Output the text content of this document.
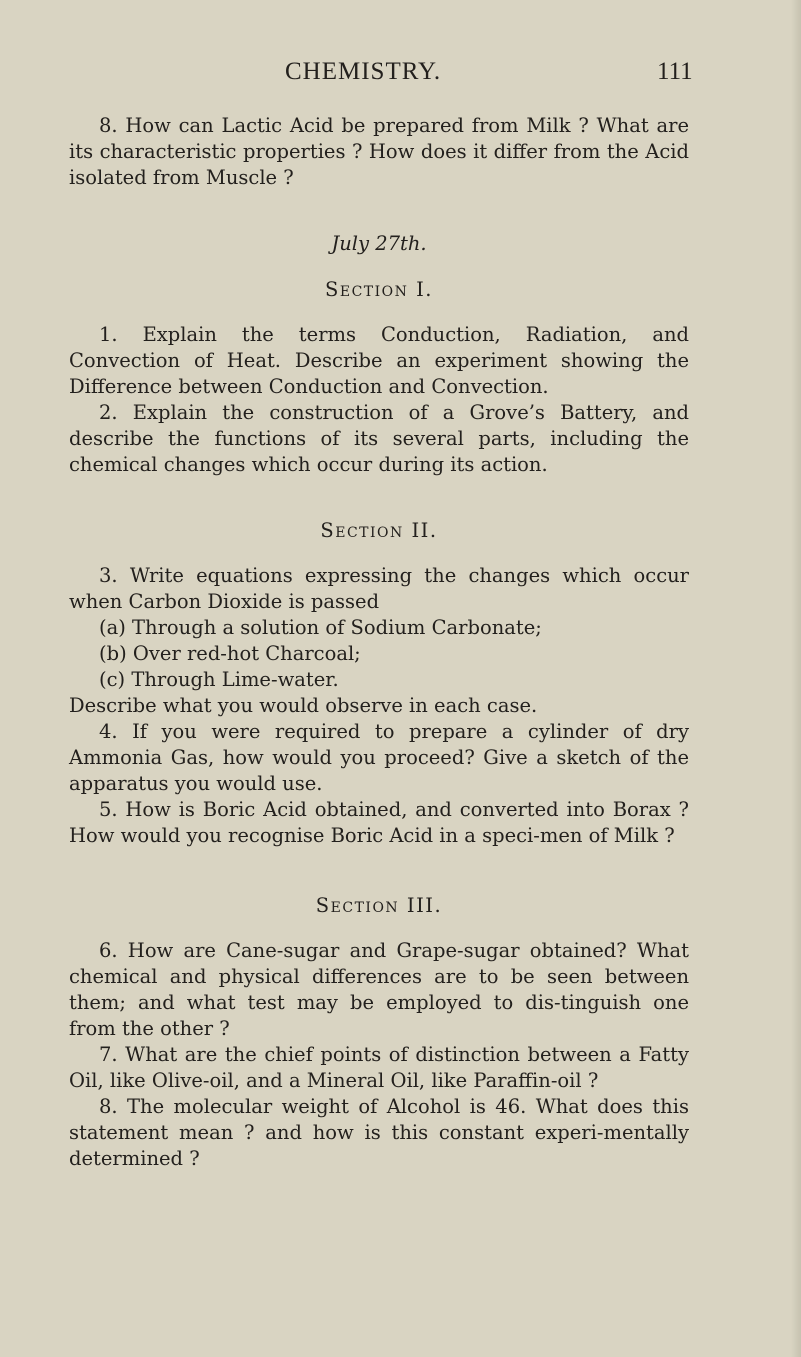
CHEMISTRY.	111

8. How can Lactic Acid be prepared from Milk ? What are its characteristic properties ? How does it differ from the Acid isolated from Muscle ?

July 27th.

Section I.

1. Explain the terms Conduction, Radiation, and Convection of Heat. Describe an experiment showing the Difference between Conduction and Convection.

2. Explain the construction of a Grove’s Battery, and describe the functions of its several parts, including the chemical changes which occur during its action.

Section II.

3. Write equations expressing the changes which occur when Carbon Dioxide is passed

(a) Through a solution of Sodium Carbonate;

(b) Over red-hot Charcoal;

(c) Through Lime-water.

Describe what you would observe in each case.

4. If you were required to prepare a cylinder of dry Ammonia Gas, how would you proceed? Give a sketch of the apparatus you would use.

5. How is Boric Acid obtained, and converted into Borax ? How would you recognise Boric Acid in a speci-men of Milk ?

Section III.

6. How are Cane-sugar and Grape-sugar obtained? What chemical and physical differences are to be seen between them; and what test may be employed to dis-tinguish one from the other ?

7. What are the chief points of distinction between a Fatty Oil, like Olive-oil, and a Mineral Oil, like Paraffin-oil ?

8. The molecular weight of Alcohol is 46. What does this statement mean ? and how is this constant experi-mentally determined ?
